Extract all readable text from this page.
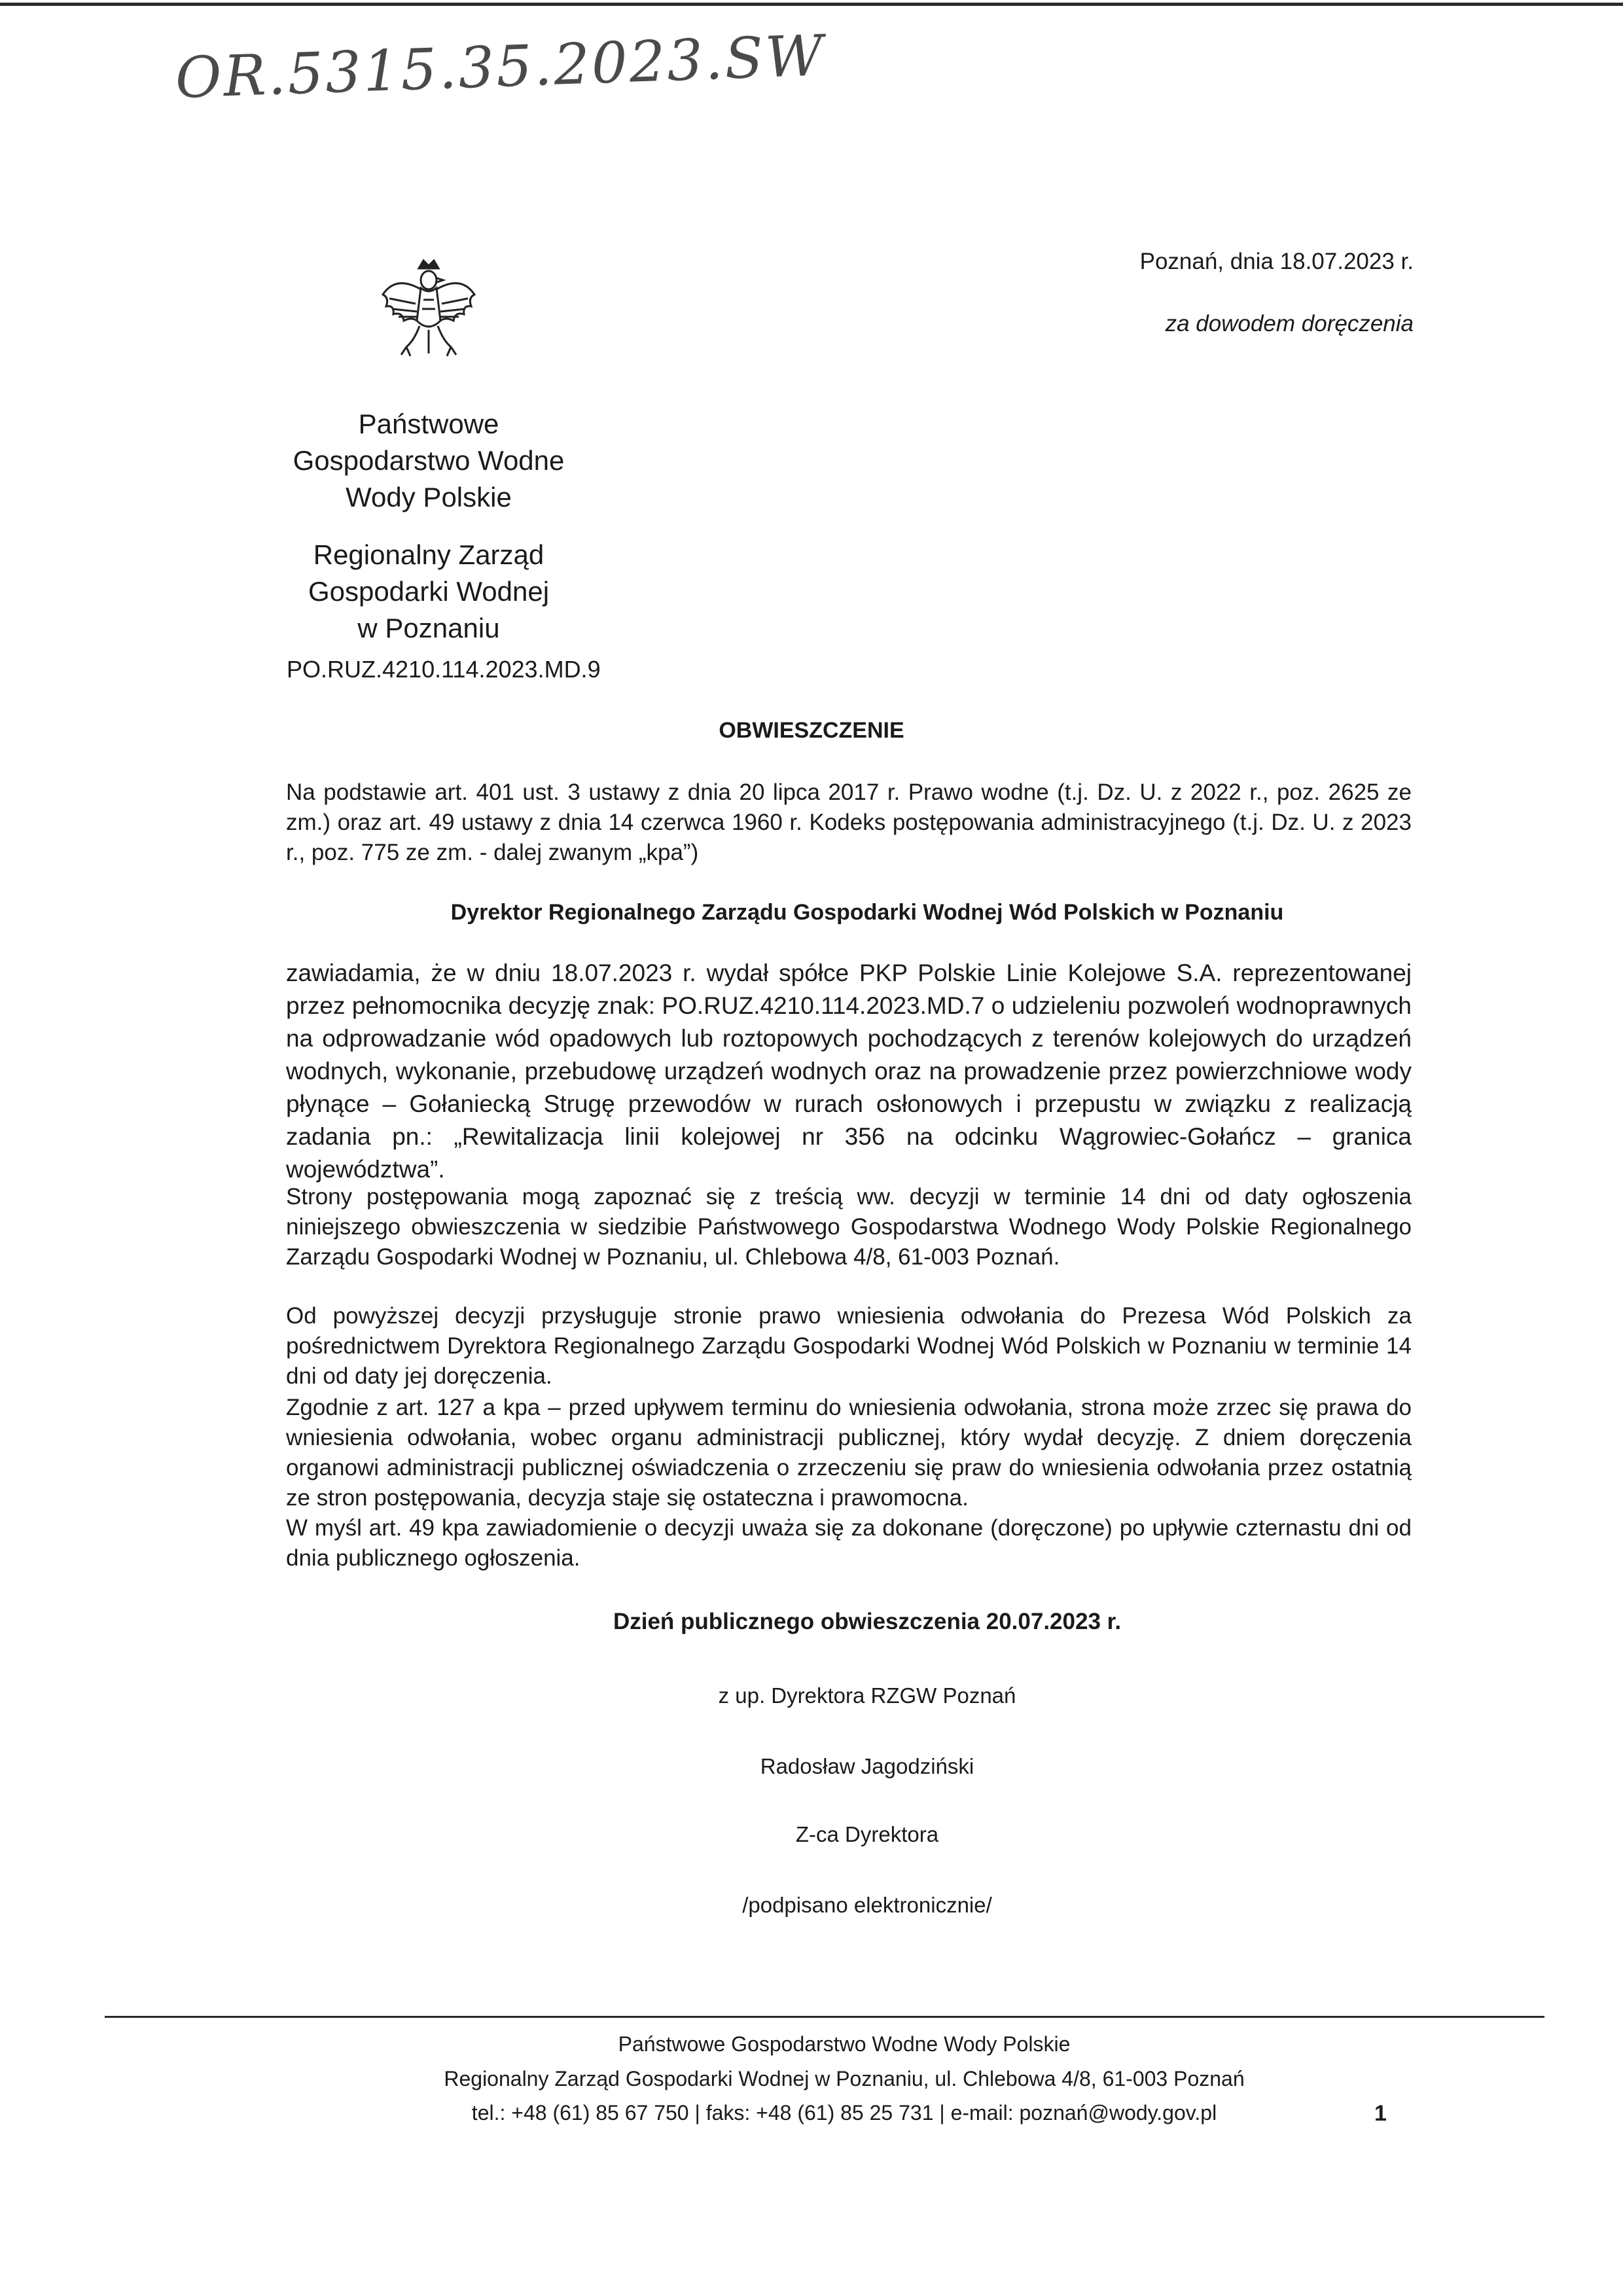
OR.5315.35.2023.SW
Poznań, dnia 18.07.2023 r.
za dowodem doręczenia
Państwowe
Gospodarstwo Wodne
Wody Polskie
Regionalny Zarząd
Gospodarki Wodnej
w Poznaniu
PO.RUZ.4210.114.2023.MD.9
OBWIESZCZENIE
Na podstawie art. 401 ust. 3 ustawy z dnia 20 lipca 2017 r. Prawo wodne (t.j. Dz. U. z 2022 r., poz. 2625 ze zm.) oraz art. 49 ustawy z dnia 14 czerwca 1960 r. Kodeks postępowania administracyjnego (t.j. Dz. U. z 2023 r., poz. 775 ze zm. - dalej zwanym „kpa”)
Dyrektor Regionalnego Zarządu Gospodarki Wodnej Wód Polskich w Poznaniu
zawiadamia, że w dniu 18.07.2023 r. wydał spółce PKP Polskie Linie Kolejowe S.A. reprezentowanej przez pełnomocnika decyzję znak: PO.RUZ.4210.114.2023.MD.7 o udzieleniu pozwoleń wodnoprawnych na odprowadzanie wód opadowych lub roztopowych pochodzących z terenów kolejowych do urządzeń wodnych, wykonanie, przebudowę urządzeń wodnych oraz na prowadzenie przez powierzchniowe wody płynące – Gołaniecką Strugę przewodów w rurach osłonowych i przepustu w związku z realizacją zadania pn.: „Rewitalizacja linii kolejowej nr 356 na odcinku Wągrowiec-Gołańcz – granica województwa”.
Strony postępowania mogą zapoznać się z treścią ww. decyzji w terminie 14 dni od daty ogłoszenia niniejszego obwieszczenia w siedzibie Państwowego Gospodarstwa Wodnego Wody Polskie Regionalnego Zarządu Gospodarki Wodnej w Poznaniu, ul. Chlebowa 4/8, 61-003 Poznań.
Od powyższej decyzji przysługuje stronie prawo wniesienia odwołania do Prezesa Wód Polskich za pośrednictwem Dyrektora Regionalnego Zarządu Gospodarki Wodnej Wód Polskich w Poznaniu w terminie 14 dni od daty jej doręczenia.
Zgodnie z art. 127 a kpa – przed upływem terminu do wniesienia odwołania, strona może zrzec się prawa do wniesienia odwołania, wobec organu administracji publicznej, który wydał decyzję. Z dniem doręczenia organowi administracji publicznej oświadczenia o zrzeczeniu się praw do wniesienia odwołania przez ostatnią ze stron postępowania, decyzja staje się ostateczna i prawomocna.
W myśl art. 49 kpa zawiadomienie o decyzji uważa się za dokonane (doręczone) po upływie czternastu dni od dnia publicznego ogłoszenia.
Dzień publicznego obwieszczenia 20.07.2023 r.
z up. Dyrektora RZGW Poznań
Radosław Jagodziński
Z-ca Dyrektora
/podpisano elektronicznie/
Państwowe Gospodarstwo Wodne Wody Polskie
Regionalny Zarząd Gospodarki Wodnej w Poznaniu, ul. Chlebowa 4/8, 61-003 Poznań
tel.: +48 (61) 85 67 750 | faks: +48 (61) 85 25 731 | e-mail: poznań@wody.gov.pl	1
